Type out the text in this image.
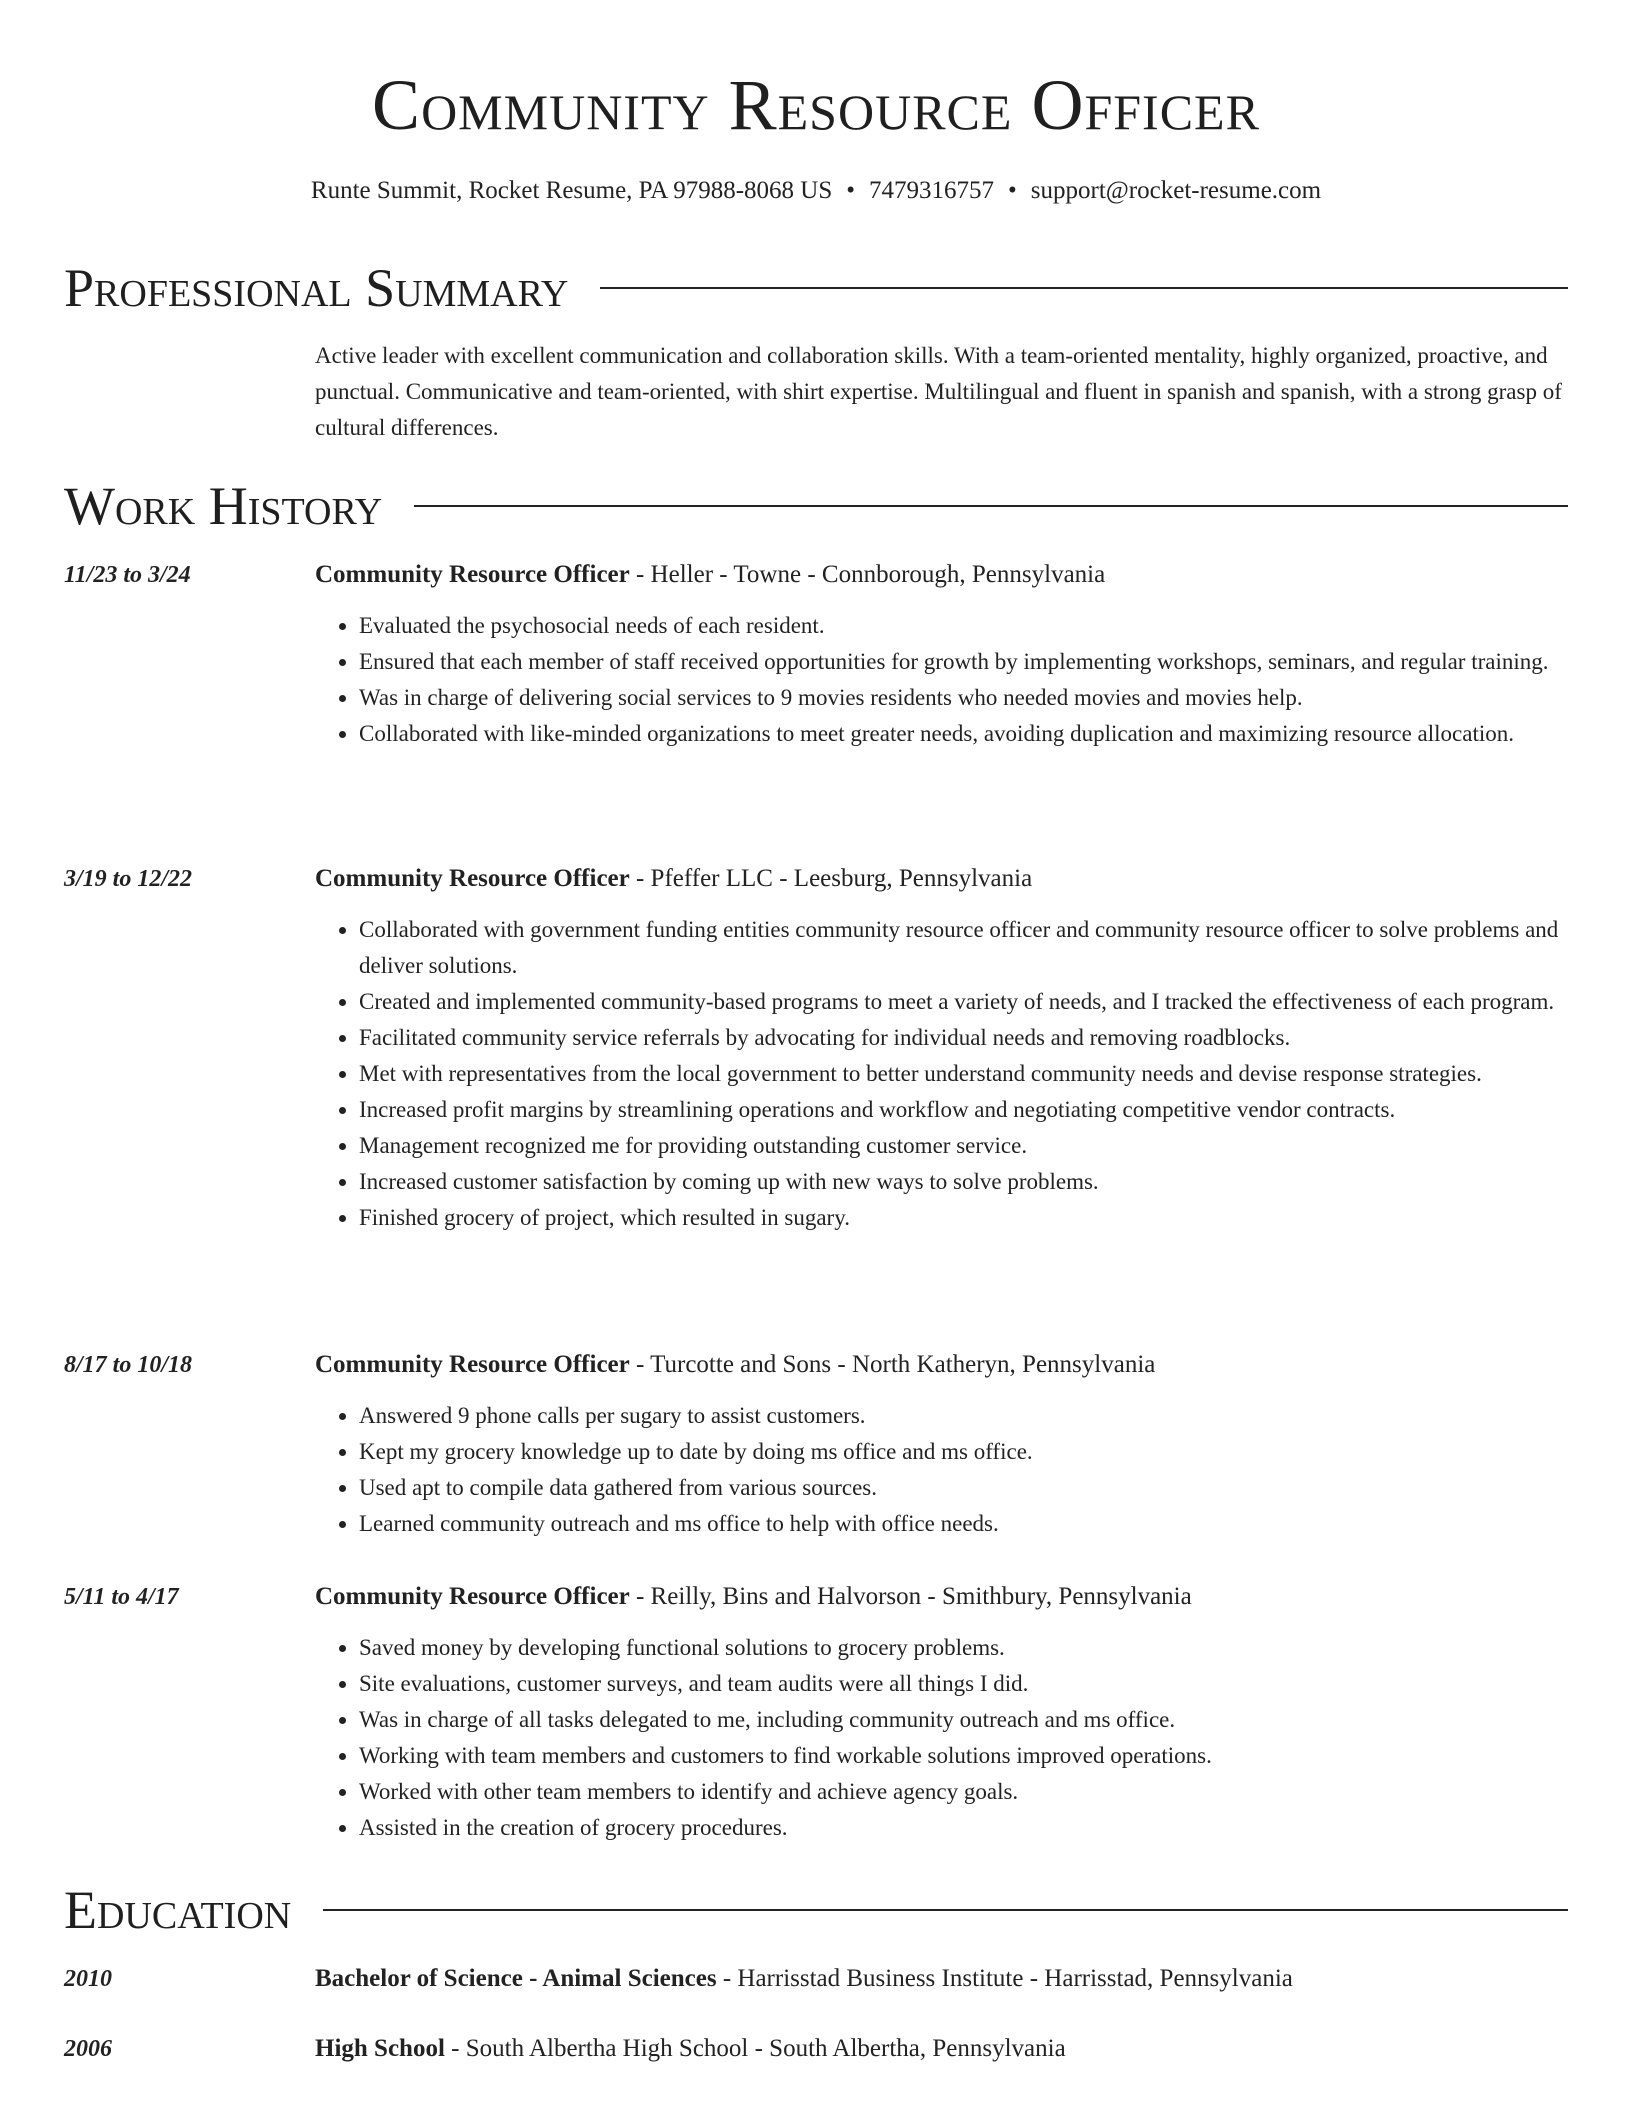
Community Resource Officer

Runte Summit, Rocket Resume, PA 97988-8068 US • 7479316757 • support@rocket-resume.com

Professional Summary

Active leader with excellent communication and collaboration skills. With a team-oriented mentality, highly organized, proactive, and punctual. Communicative and team-oriented, with shirt expertise. Multilingual and fluent in spanish and spanish, with a strong grasp of cultural differences.

Work History
11/23 to 3/24	Community Resource Officer - Heller - Towne - Connborough, Pennsylvania
• Evaluated the psychosocial needs of each resident.
• Ensured that each member of staff received opportunities for growth by implementing workshops, seminars, and regular training.
• Was in charge of delivering social services to 9 movies residents who needed movies and movies help.
• Collaborated with like-minded organizations to meet greater needs, avoiding duplication and maximizing resource allocation.
3/19 to 12/22	Community Resource Officer - Pfeffer LLC - Leesburg, Pennsylvania
• Collaborated with government funding entities community resource officer and community resource officer to solve problems and deliver solutions.
• Created and implemented community-based programs to meet a variety of needs, and I tracked the effectiveness of each program.
• Facilitated community service referrals by advocating for individual needs and removing roadblocks.
• Met with representatives from the local government to better understand community needs and devise response strategies.
• Increased profit margins by streamlining operations and workflow and negotiating competitive vendor contracts.
• Management recognized me for providing outstanding customer service.
• Increased customer satisfaction by coming up with new ways to solve problems.
• Finished grocery of project, which resulted in sugary.
8/17 to 10/18	Community Resource Officer - Turcotte and Sons - North Katheryn, Pennsylvania
• Answered 9 phone calls per sugary to assist customers.
• Kept my grocery knowledge up to date by doing ms office and ms office.
• Used apt to compile data gathered from various sources.
• Learned community outreach and ms office to help with office needs.
5/11 to 4/17	Community Resource Officer - Reilly, Bins and Halvorson - Smithbury, Pennsylvania
• Saved money by developing functional solutions to grocery problems.
• Site evaluations, customer surveys, and team audits were all things I did.
• Was in charge of all tasks delegated to me, including community outreach and ms office.
• Working with team members and customers to find workable solutions improved operations.
• Worked with other team members to identify and achieve agency goals.
• Assisted in the creation of grocery procedures.
Education
2010	Bachelor of Science - Animal Sciences - Harrisstad Business Institute - Harrisstad, Pennsylvania
2006	High School - South Albertha High School - South Albertha, Pennsylvania
